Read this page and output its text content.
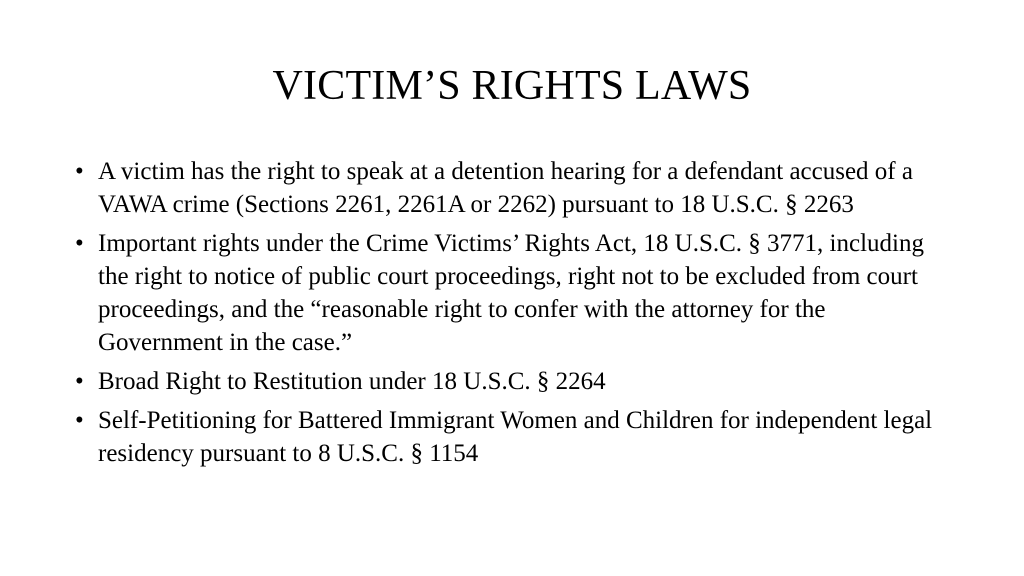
VICTIM’S RIGHTS LAWS
• A victim has the right to speak at a detention hearing for a defendant accused of a VAWA crime (Sections 2261, 2261A or 2262) pursuant to 18 U.S.C. § 2263
• Important rights under the Crime Victims’ Rights Act, 18 U.S.C. § 3771, including the right to notice of public court proceedings, right not to be excluded from court proceedings, and the “reasonable right to confer with the attorney for the Government in the case.”
• Broad Right to Restitution under 18 U.S.C. § 2264
• Self-Petitioning for Battered Immigrant Women and Children for independent legal residency pursuant to 8 U.S.C. § 1154
